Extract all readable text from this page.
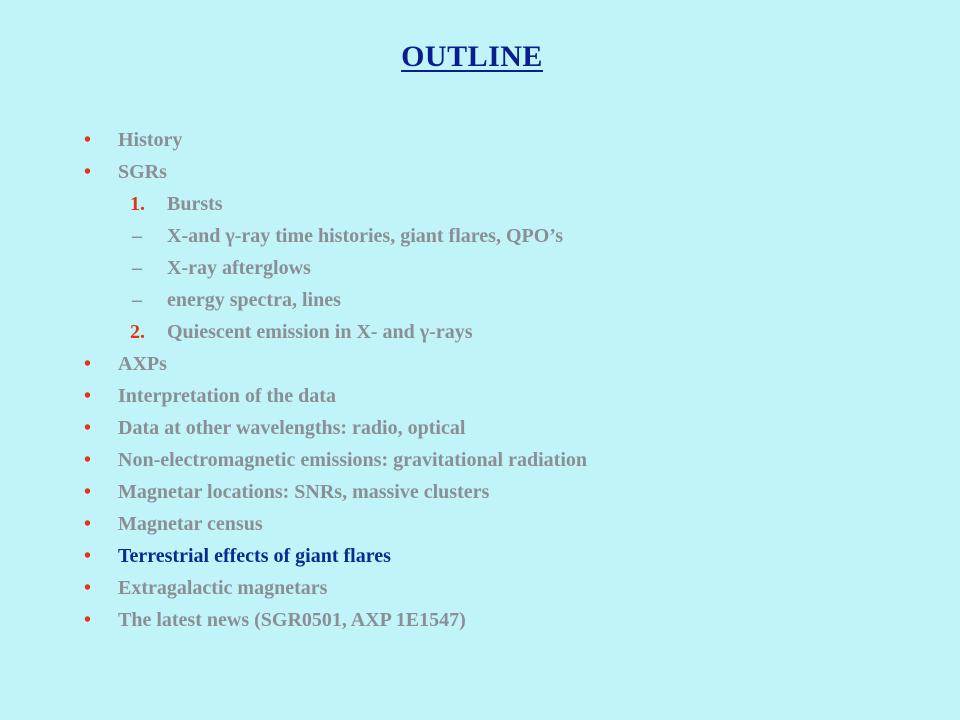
OUTLINE
• History
• SGRs
1. Bursts
– X-and γ-ray time histories, giant flares, QPO’s
– X-ray afterglows
– energy spectra, lines
2. Quiescent emission in X- and γ-rays
• AXPs
• Interpretation of the data
• Data at other wavelengths: radio, optical
• Non-electromagnetic emissions: gravitational radiation
• Magnetar locations: SNRs, massive clusters
• Magnetar census
• Terrestrial effects of giant flares
• Extragalactic magnetars
• The latest news (SGR0501, AXP 1E1547)
